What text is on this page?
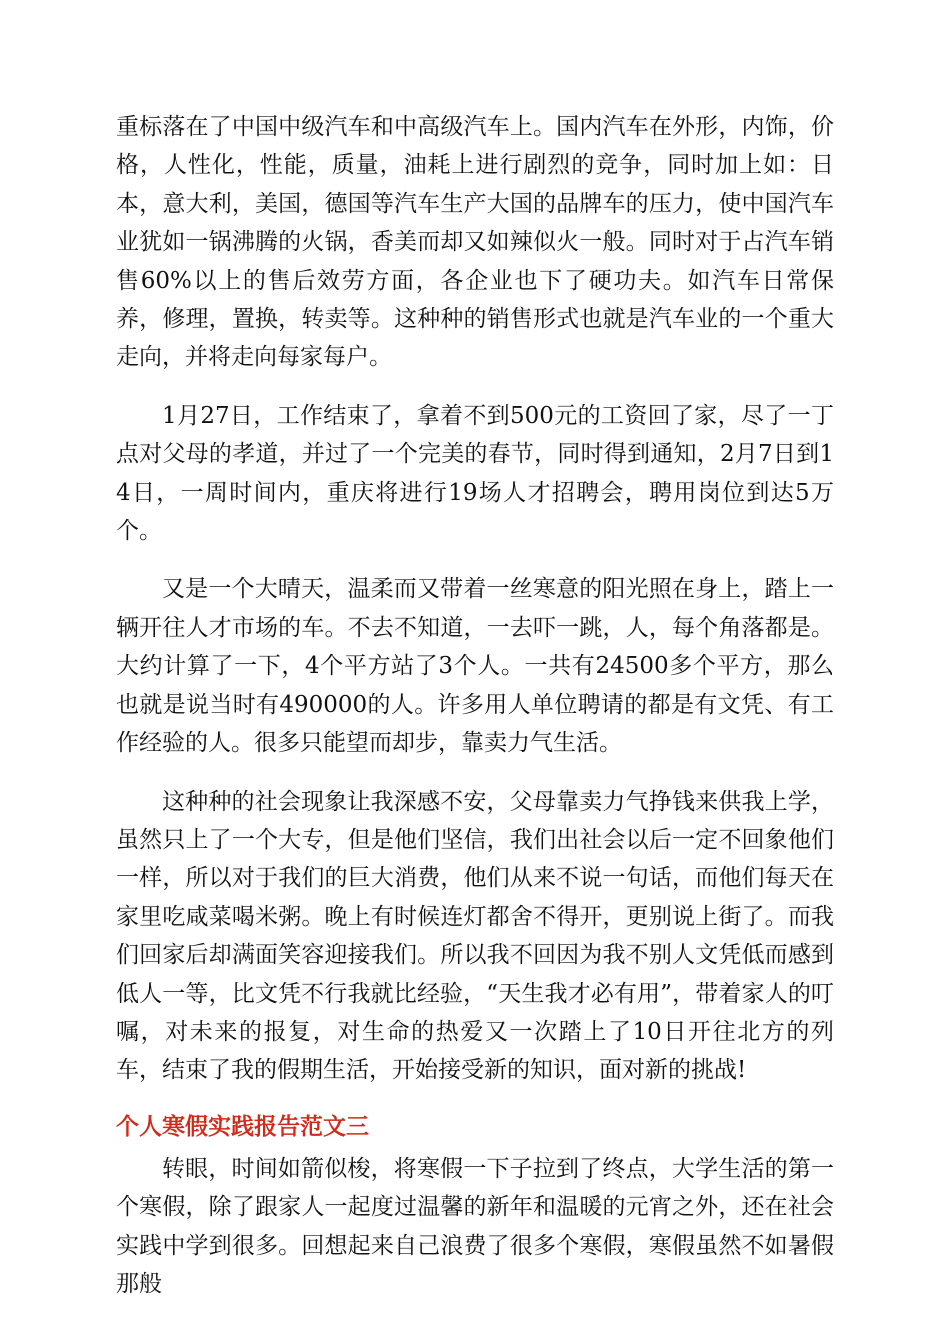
重标落在了中国中级汽车和中高级汽车上。国内汽车在外形，内饰，价格，人性化，性能，质量，油耗上进行剧烈的竞争，同时加上如：日本，意大利，美国，德国等汽车生产大国的品牌车的压力，使中国汽车业犹如一锅沸腾的火锅，香美而却又如辣似火一般。同时对于占汽车销售60%以上的售后效劳方面，各企业也下了硬功夫。如汽车日常保养，修理，置换，转卖等。这种种的销售形式也就是汽车业的一个重大走向，并将走向每家每户。

1月27日，工作结束了，拿着不到500元的工资回了家，尽了一丁点对父母的孝道，并过了一个完美的春节，同时得到通知，2月7日到14日，一周时间内，重庆将进行19场人才招聘会，聘用岗位到达5万个。

又是一个大晴天，温柔而又带着一丝寒意的阳光照在身上，踏上一辆开往人才市场的车。不去不知道，一去吓一跳，人，每个角落都是。大约计算了一下，4个平方站了3个人。一共有24500多个平方，那么也就是说当时有490000的人。许多用人单位聘请的都是有文凭、有工作经验的人。很多只能望而却步，靠卖力气生活。

这种种的社会现象让我深感不安，父母靠卖力气挣钱来供我上学，虽然只上了一个大专，但是他们坚信，我们出社会以后一定不回象他们一样，所以对于我们的巨大消费，他们从来不说一句话，而他们每天在家里吃咸菜喝米粥。晚上有时候连灯都舍不得开，更别说上街了。而我们回家后却满面笑容迎接我们。所以我不回因为我不别人文凭低而感到低人一等，比文凭不行我就比经验，“天生我才必有用”，带着家人的叮嘱，对未来的报复，对生命的热爱又一次踏上了10日开往北方的列车，结束了我的假期生活，开始接受新的知识，面对新的挑战!

个人寒假实践报告范文三

转眼，时间如箭似梭，将寒假一下子拉到了终点，大学生活的第一个寒假，除了跟家人一起度过温馨的新年和温暖的元宵之外，还在社会实践中学到很多。回想起来自己浪费了很多个寒假，寒假虽然不如暑假那般
